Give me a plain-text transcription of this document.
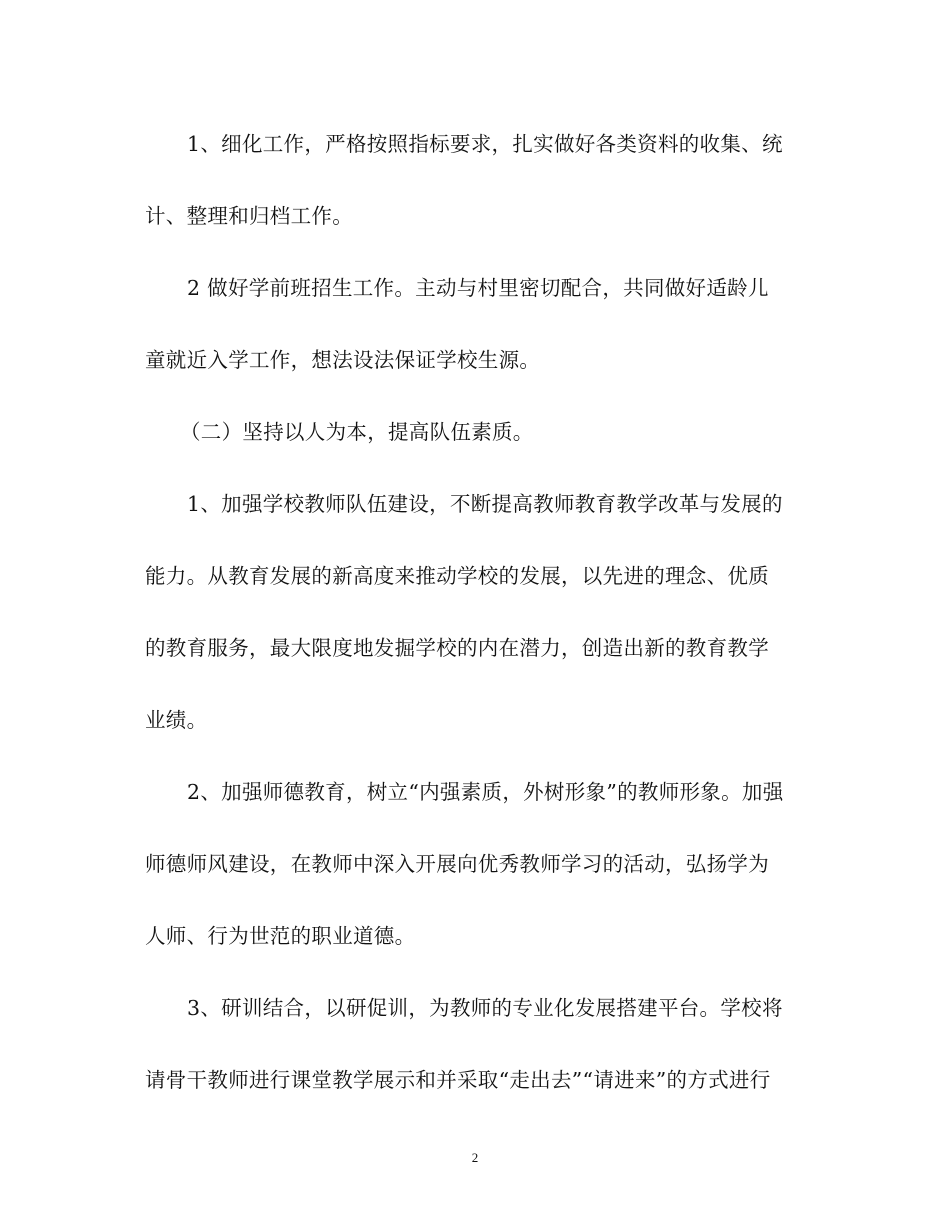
1、细化工作，严格按照指标要求，扎实做好各类资料的收集、统
计、整理和归档工作。
2 做好学前班招生工作。主动与村里密切配合，共同做好适龄儿
童就近入学工作，想法设法保证学校生源。
（二）坚持以人为本，提高队伍素质。
1、加强学校教师队伍建设，不断提高教师教育教学改革与发展的
能力。从教育发展的新高度来推动学校的发展，以先进的理念、优质
的教育服务，最大限度地发掘学校的内在潜力，创造出新的教育教学
业绩。
2、加强师德教育，树立“内强素质，外树形象”的教师形象。加强
师德师风建设，在教师中深入开展向优秀教师学习的活动，弘扬学为
人师、行为世范的职业道德。
3、研训结合，以研促训，为教师的专业化发展搭建平台。学校将
请骨干教师进行课堂教学展示和并采取“走出去”“请进来”的方式进行
2
